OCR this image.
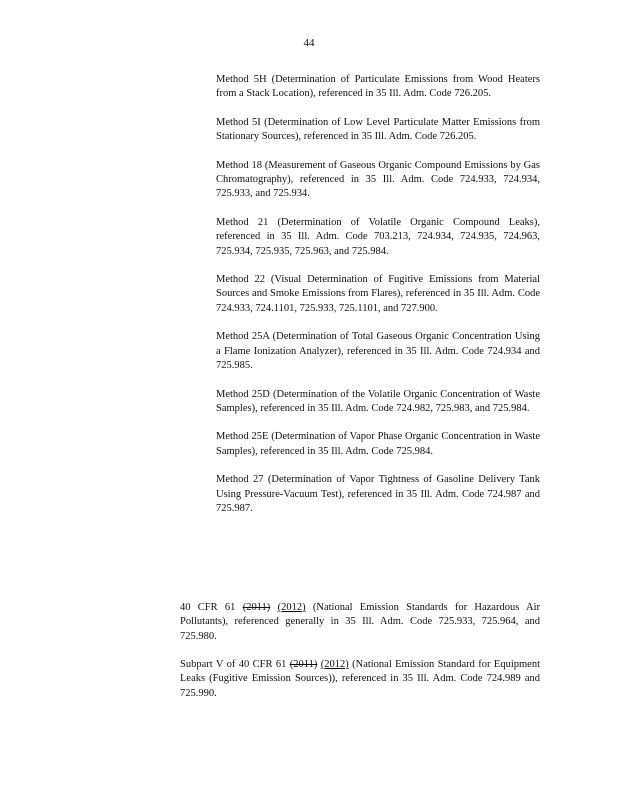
44

Method 5H (Determination of Particulate Emissions from Wood Heaters from a Stack Location), referenced in 35 Ill. Adm. Code 726.205.

Method 5I (Determination of Low Level Particulate Matter Emissions from Stationary Sources), referenced in 35 Ill. Adm. Code 726.205.

Method 18 (Measurement of Gaseous Organic Compound Emissions by Gas Chromatography), referenced in 35 Ill. Adm. Code 724.933, 724.934, 725.933, and 725.934.

Method 21 (Determination of Volatile Organic Compound Leaks), referenced in 35 Ill. Adm. Code 703.213, 724.934, 724.935, 724.963, 725.934, 725.935, 725.963, and 725.984.

Method 22 (Visual Determination of Fugitive Emissions from Material Sources and Smoke Emissions from Flares), referenced in 35 Ill. Adm. Code 724.933, 724.1101, 725.933, 725.1101, and 727.900.

Method 25A (Determination of Total Gaseous Organic Concentration Using a Flame Ionization Analyzer), referenced in 35 Ill. Adm. Code 724.934 and 725.985.

Method 25D (Determination of the Volatile Organic Concentration of Waste Samples), referenced in 35 Ill. Adm. Code 724.982, 725.983, and 725.984.

Method 25E (Determination of Vapor Phase Organic Concentration in Waste Samples), referenced in 35 Ill. Adm. Code 725.984.

Method 27 (Determination of Vapor Tightness of Gasoline Delivery Tank Using Pressure-Vacuum Test), referenced in 35 Ill. Adm. Code 724.987 and 725.987.

40 CFR 61 (2011) (2012) (National Emission Standards for Hazardous Air Pollutants), referenced generally in 35 Ill. Adm. Code 725.933, 725.964, and 725.980.

Subpart V of 40 CFR 61 (2011) (2012) (National Emission Standard for Equipment Leaks (Fugitive Emission Sources)), referenced in 35 Ill. Adm. Code 724.989 and 725.990.
